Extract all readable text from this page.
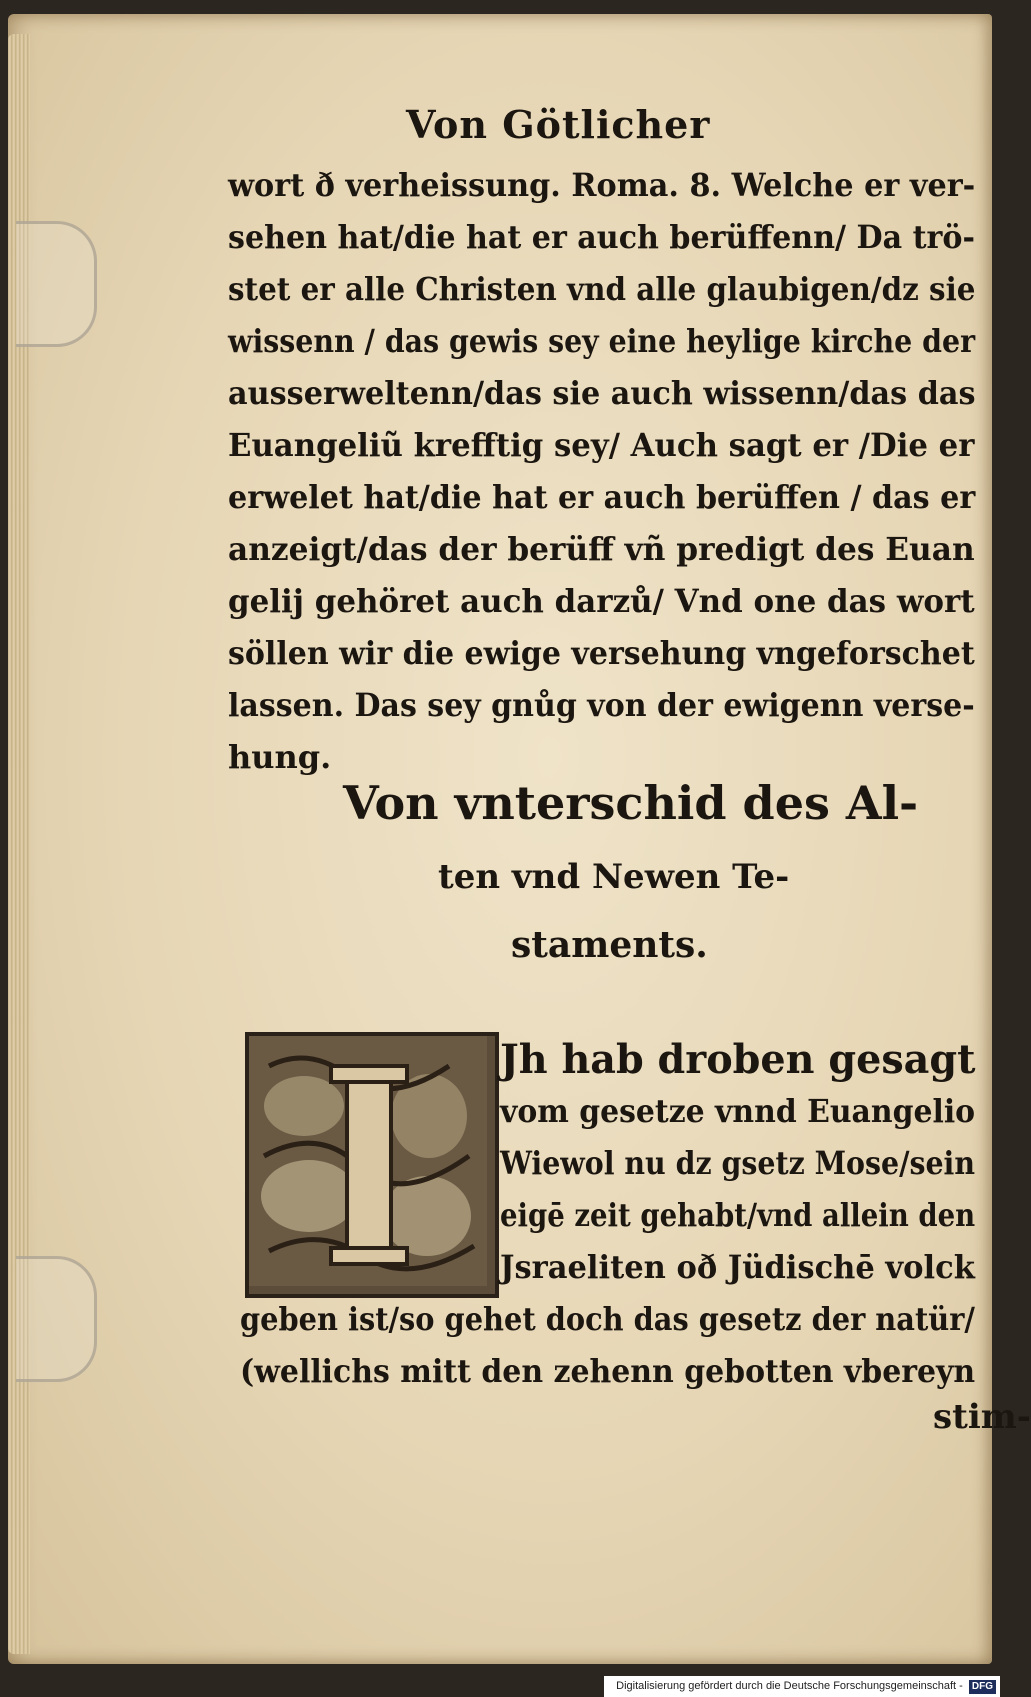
Von Götlicher
wort ð verheissung. Roma. 8. Welche er ver-
sehen hat/die hat er auch berüffenn/ Da trö-
stet er alle Christen vnd alle glaubigen/dz sie
wissenn / das gewis sey eine heylige kirche der
ausserweltenn/das sie auch wissenn/das das
Euangeliũ krefftig sey/ Auch sagt er /Die er
erwelet hat/die hat er auch berüffen / das er
anzeigt/das der berüff vñ predigt des Euan
gelij gehöret auch darzů/ Vnd one das wort
söllen wir die ewige versehung vngeforschet
lassen. Das sey gnůg von der ewigenn verse-
hung.
Von vnterschid des Al-
ten vnd Newen Te-
staments.
Jh hab droben gesagt
vom gesetze vnnd Euangelio
Wiewol nu dz gsetz Mose/sein
eigē zeit gehabt/vnd allein den
Jsraeliten oð Jüdischē volck
geben ist/so gehet doch das gesetz der natür/
(wellichs mitt den zehenn gebotten vbereyn
stim-
Digitalisierung gefördert durch die Deutsche Forschungsgemeinschaft - DFG
